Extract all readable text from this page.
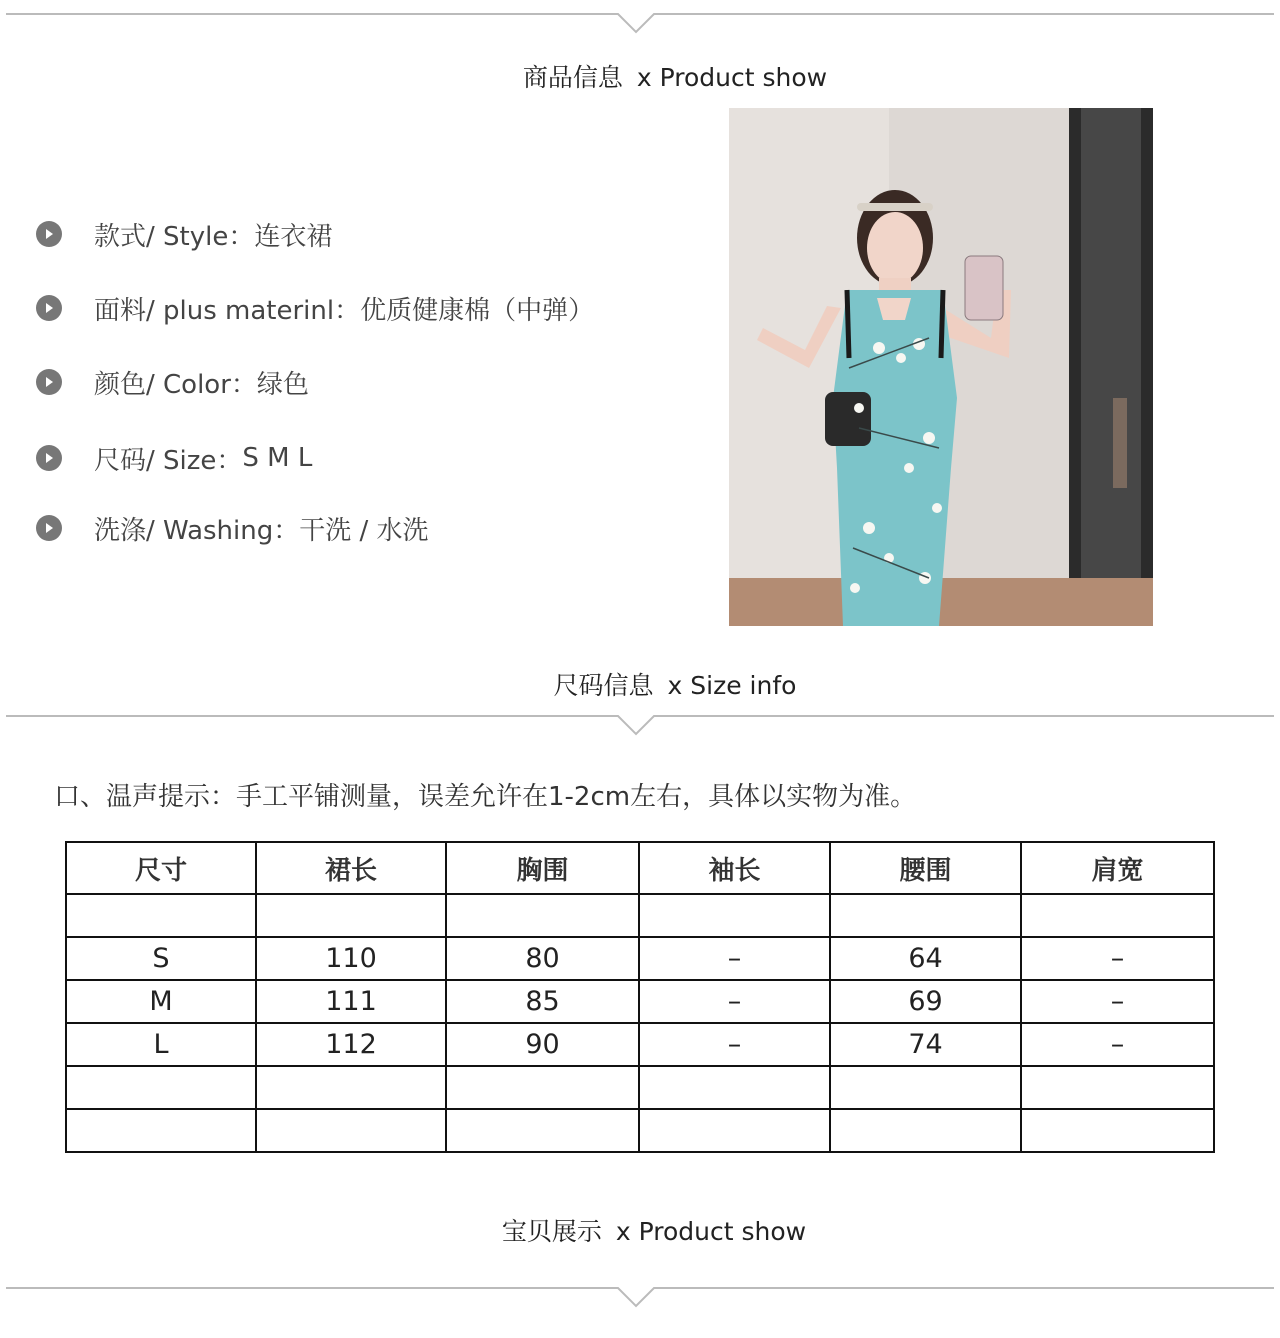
商品信息 x Product show
款式/ Style： 连衣裙
面料/ plus materinl： 优质健康棉（中弹）
颜色/ Color： 绿色
尺码/ Size： S M L
洗涤/ Washing： 干洗 / 水洗
尺码信息 x Size info
口、温声提示：手工平铺测量，误差允许在1-2cm左右，具体以实物为准。
尺寸	裙长	胸围	袖长	腰围	肩宽

S	110	80	–	64	–
M	111	85	–	69	–
L	112	90	–	74	–

宝贝展示 x Product show
